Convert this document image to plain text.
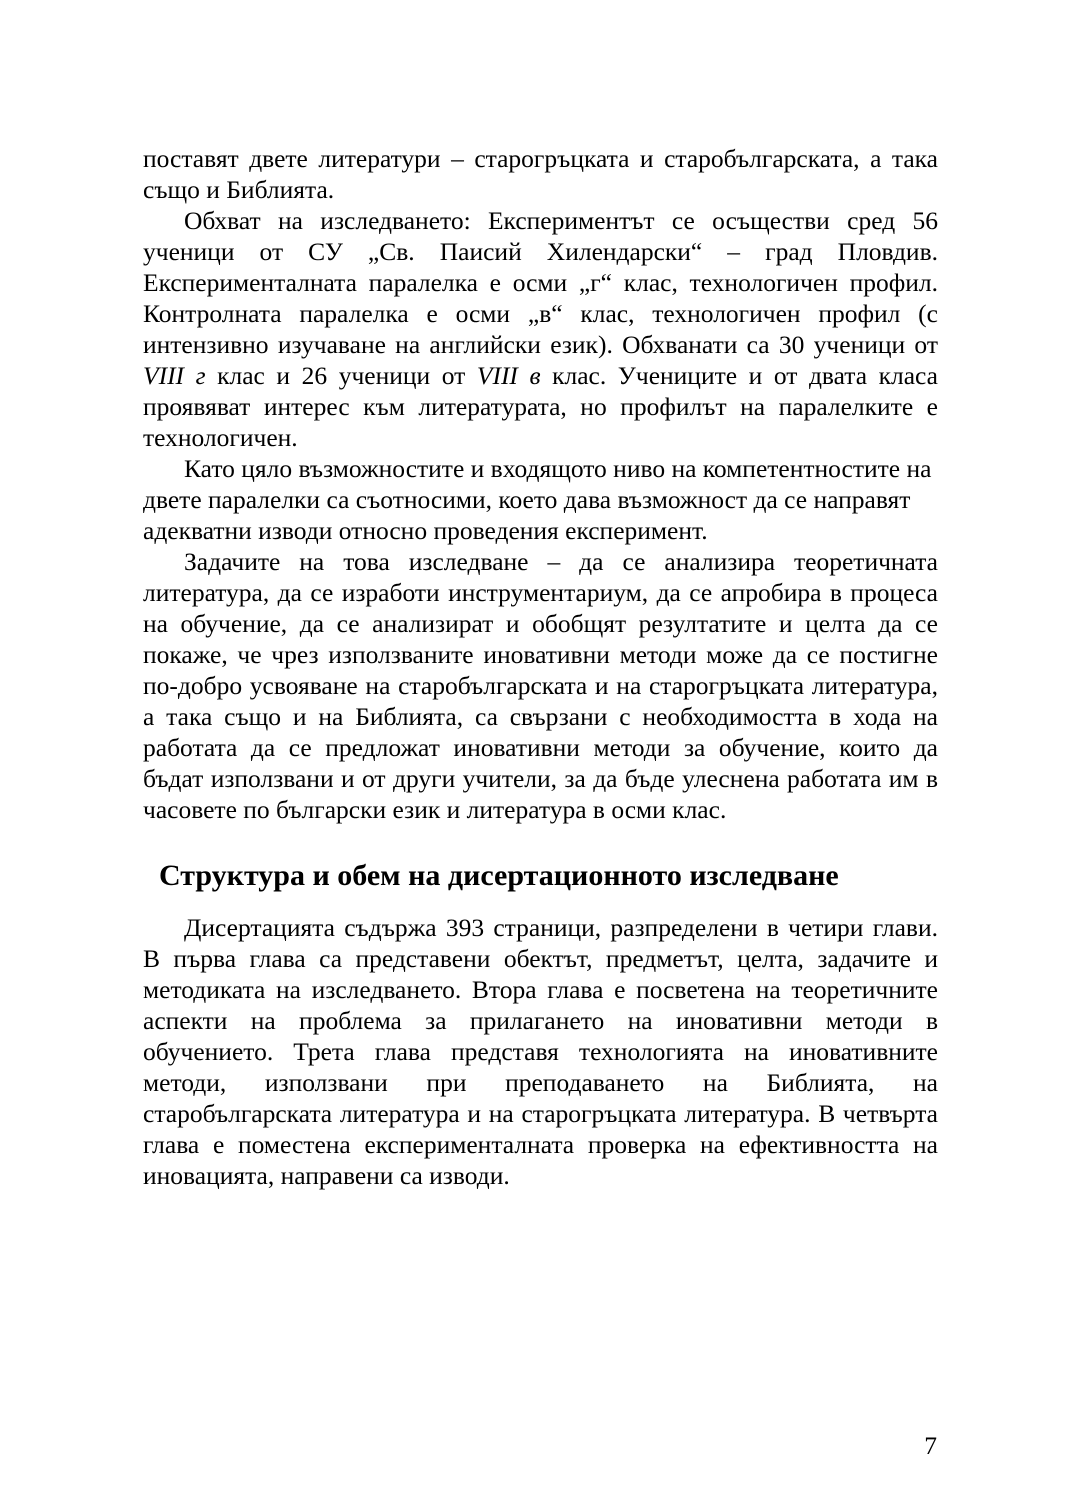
поставят двете литератури – старогръцката и старобългарската, а така също и Библията.

Обхват на изследването: Експериментът се осъществи сред 56 ученици от СУ „Св. Паисий Хилендарски“ – град Пловдив. Експерименталната паралелка е осми „г“ клас, технологичен профил. Контролната паралелка е осми „в“ клас, технологичен профил (с интензивно изучаване на английски език). Обхванати са 30 ученици от VIII г клас и 26 ученици от VIII в клас. Учениците и от двата класа проявяват интерес към литературата, но профилът на паралелките е технологичен.

Като цяло възможностите и входящото ниво на компетентностите на двете паралелки са съотносими, което дава възможност да се направят адекватни изводи относно проведения експеримент.

Задачите на това изследване – да се анализира теоретичната литература, да се изработи инструментариум, да се апробира в процеса на обучение, да се анализират и обобщят резултатите и целта да се покаже, че чрез използваните иновативни методи може да се постигне по-добро усвояване на старобългарската и на старогръцката литература, а така също и на Библията, са свързани с необходимостта в хода на работата да се предложат иновативни методи за обучение, които да бъдат използвани и от други учители, за да бъде улеснена работата им в часовете по български език и литература в осми клас.

Структура и обем на дисертационното изследване

Дисертацията съдържа 393 страници, разпределени в четири глави. В първа глава са представени обектът, предметът, целта, задачите и методиката на изследването. Втора глава е посветена на теоретичните аспекти на проблема за прилагането на иновативни методи в обучението. Трета глава представя технологията на иновативните методи, използвани при преподаването на Библията, на старобългарската литература и на старогръцката литература. В четвърта глава е поместена експерименталната проверка на ефективността на иновацията, направени са изводи.

7
